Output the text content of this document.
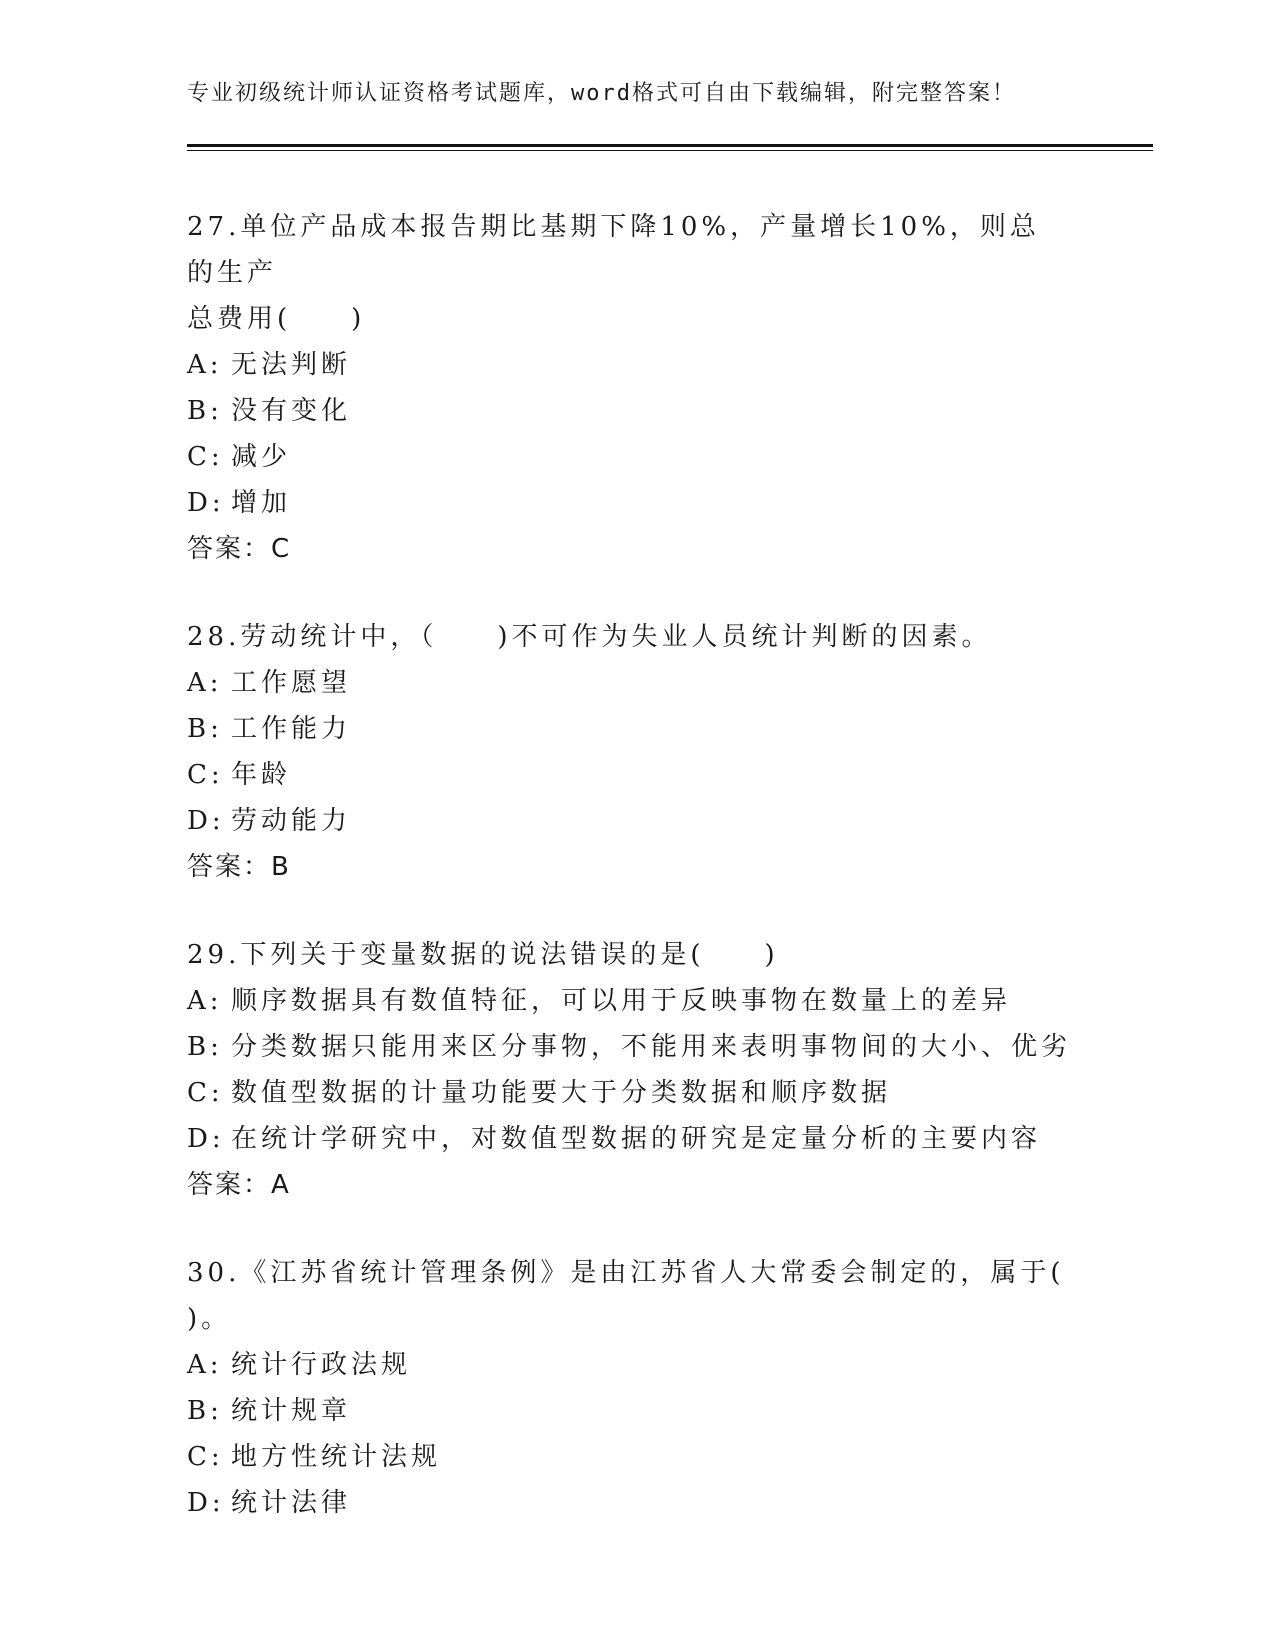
专业初级统计师认证资格考试题库，word格式可自由下载编辑，附完整答案！
27.单位产品成本报告期比基期下降10%，产量增长10%，则总的生产
总费用(　　)
A: 无法判断
B: 没有变化
C: 减少
D: 增加
答案：C
28.劳动统计中，（　　)不可作为失业人员统计判断的因素。
A: 工作愿望
B: 工作能力
C: 年龄
D: 劳动能力
答案：B
29.下列关于变量数据的说法错误的是(　　)
A: 顺序数据具有数值特征，可以用于反映事物在数量上的差异
B: 分类数据只能用来区分事物，不能用来表明事物间的大小、优劣
C: 数值型数据的计量功能要大于分类数据和顺序数据
D: 在统计学研究中，对数值型数据的研究是定量分析的主要内容
答案：A
30.《江苏省统计管理条例》是由江苏省人大常委会制定的，属于(
)。
A: 统计行政法规
B: 统计规章
C: 地方性统计法规
D: 统计法律
